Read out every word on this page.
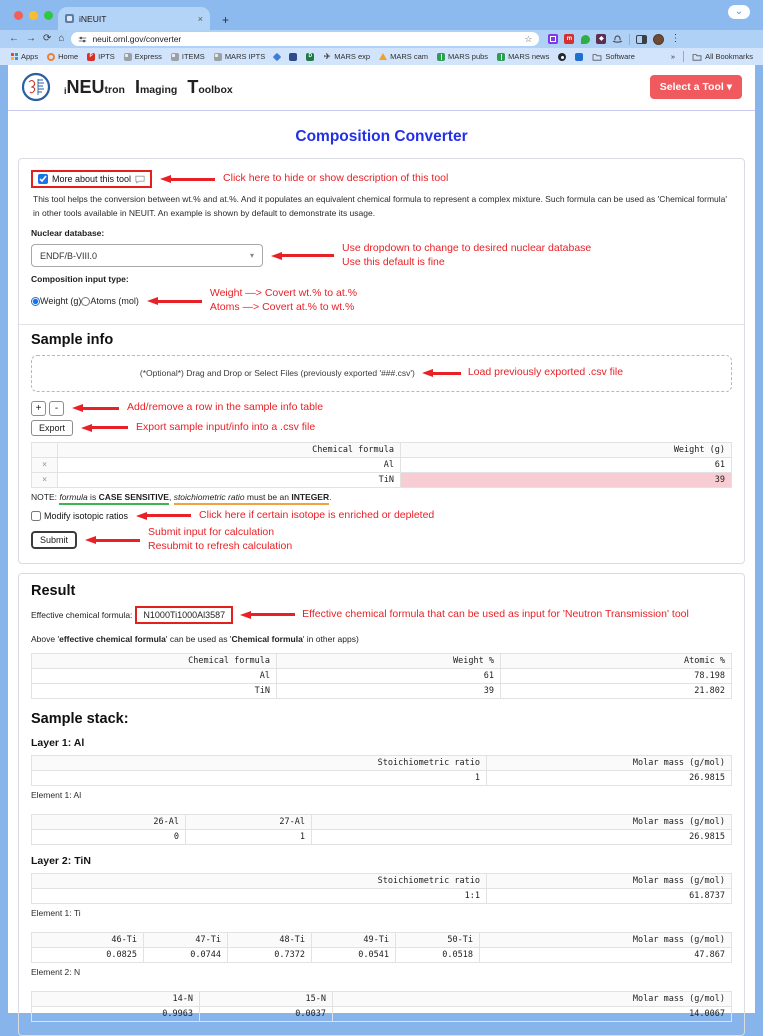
iNEUIT	× +
⌄
← → ⟳ ⌂	neuit.ornl.gov/converter	☆	m	◆	⋮
Apps	Home	P IPTS	Express	ITEMS	MARS IPTS	D ✈ MARS exp	MARS cam	MARS pubs	MARS news	Software	»	All Bookmarks
i NEU tron I maging T oolbox	Select a Tool ▾
Composition Converter
More about this tool	Click here to hide or show description of this tool
This tool helps the conversion between wt.% and at.%. And it populates an equivalent chemical formula to represent a complex mixture. Such formula can be used as 'Chemical formula' in other tools available in NEUIT. An example is shown by default to demonstrate its usage.
Nuclear database:
ENDF/B-VIII.0	▾
Use dropdown to change to desired nuclear database
Use this default is fine
Composition input type:
Weight (g) Atoms (mol)
Weight —> Covert wt.% to at.%
Atoms —> Covert at.% to wt.%
Sample info
(*Optional*) Drag and Drop or Select Files (previously exported '###.csv')	Load previously exported .csv file
+	-	Add/remove a row in the sample info table
Export	Export sample input/info into a .csv file
	Chemical formula	Weight (g)
×	Al	61
×	TiN	39
NOTE: formula is CASE SENSITIVE, stoichiometric ratio must be an INTEGER.
Modify isotopic ratios	Click here if certain isotope is enriched or depleted
Submit
Submit input for calculation
Resubmit to refresh calculation
Result
Effective chemical formula:	N1000Ti1000Al3587	Effective chemical formula that can be used as input for 'Neutron Transmission' tool
Above 'effective chemical formula' can be used as 'Chemical formula' in other apps)
Chemical formula	Weight %	Atomic %
Al	61	78.198
TiN	39	21.802
Sample stack:
Layer 1: Al
Stoichiometric ratio	Molar mass (g/mol)
1	26.9815
Element 1: Al
26-Al	27-Al	Molar mass (g/mol)
0	1	26.9815
Layer 2: TiN
Stoichiometric ratio	Molar mass (g/mol)
1:1	61.8737
Element 1: Ti
46-Ti	47-Ti	48-Ti	49-Ti	50-Ti	Molar mass (g/mol)
0.0825	0.0744	0.7372	0.0541	0.0518	47.867
Element 2: N
14-N	15-N	Molar mass (g/mol)
0.9963	0.0037	14.0067
